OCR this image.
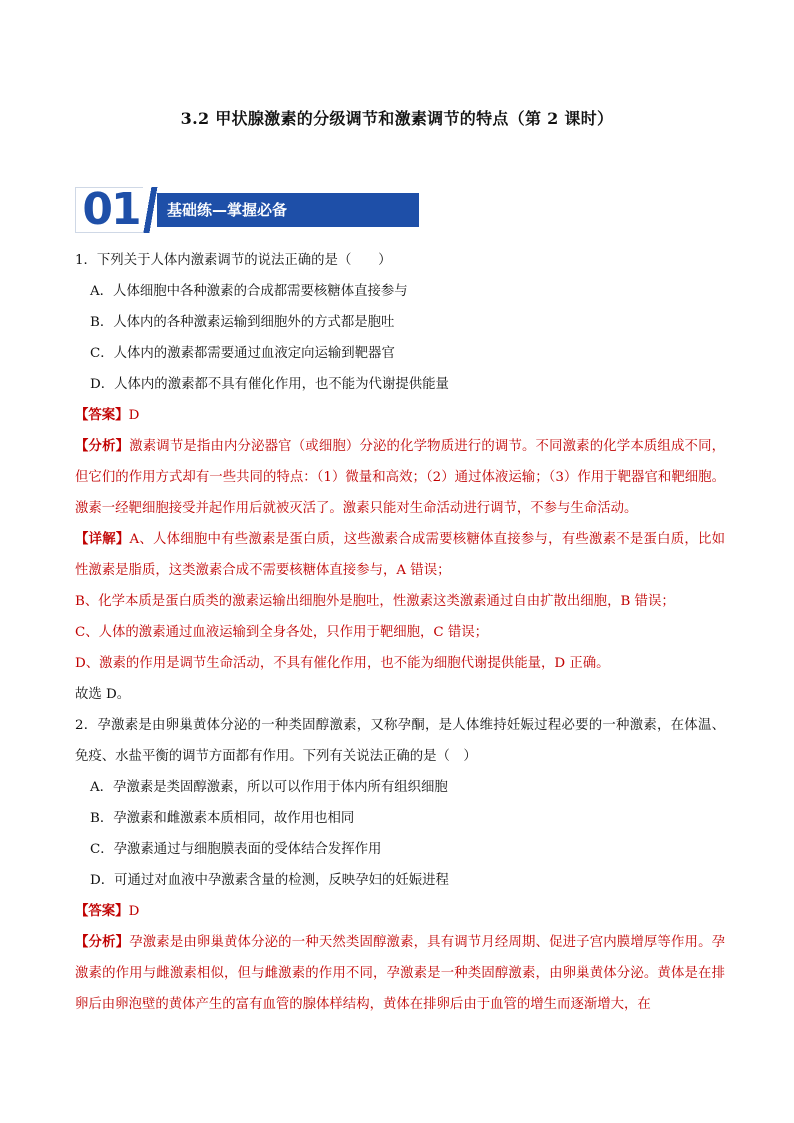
3.2 甲状腺激素的分级调节和激素调节的特点（第 2 课时）
01	基础练—掌握必备
1．下列关于人体内激素调节的说法正确的是（　　）
A．人体细胞中各种激素的合成都需要核糖体直接参与
B．人体内的各种激素运输到细胞外的方式都是胞吐
C．人体内的激素都需要通过血液定向运输到靶器官
D．人体内的激素都不具有催化作用，也不能为代谢提供能量
【答案】D
【分析】激素调节是指由内分泌器官（或细胞）分泌的化学物质进行的调节。不同激素的化学本质组成不同，但它们的作用方式却有一些共同的特点：（1）微量和高效；（2）通过体液运输；（3）作用于靶器官和靶细胞。激素一经靶细胞接受并起作用后就被灭活了。激素只能对生命活动进行调节，不参与生命活动。
【详解】A、人体细胞中有些激素是蛋白质，这些激素合成需要核糖体直接参与，有些激素不是蛋白质，比如性激素是脂质，这类激素合成不需要核糖体直接参与，A 错误；
B、化学本质是蛋白质类的激素运输出细胞外是胞吐，性激素这类激素通过自由扩散出细胞，B 错误；
C、人体的激素通过血液运输到全身各处，只作用于靶细胞，C 错误；
D、激素的作用是调节生命活动，不具有催化作用，也不能为细胞代谢提供能量，D 正确。
故选 D。
2．孕激素是由卵巢黄体分泌的一种类固醇激素，又称孕酮，是人体维持妊娠过程必要的一种激素，在体温、免疫、水盐平衡的调节方面都有作用。下列有关说法正确的是（　）
A．孕激素是类固醇激素，所以可以作用于体内所有组织细胞
B．孕激素和雌激素本质相同，故作用也相同
C．孕激素通过与细胞膜表面的受体结合发挥作用
D．可通过对血液中孕激素含量的检测，反映孕妇的妊娠进程
【答案】D
【分析】孕激素是由卵巢黄体分泌的一种天然类固醇激素，具有调节月经周期、促进子宫内膜增厚等作用。孕激素的作用与雌激素相似，但与雌激素的作用不同，孕激素是一种类固醇激素，由卵巢黄体分泌。黄体是在排卵后由卵泡壁的黄体产生的富有血管的腺体样结构，黄体在排卵后由于血管的增生而逐渐增大，在
